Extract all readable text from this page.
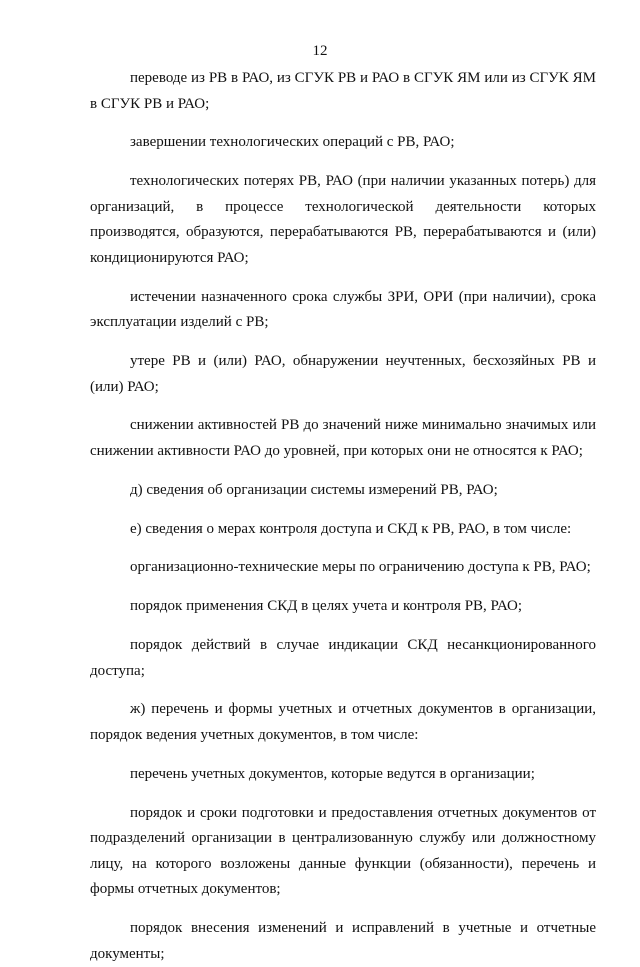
12

переводе из РВ в РАО, из СГУК РВ и РАО в СГУК ЯМ или из СГУК ЯМ в СГУК РВ и РАО;

завершении технологических операций с РВ, РАО;

технологических потерях РВ, РАО (при наличии указанных потерь) для организаций, в процессе технологической деятельности которых производятся, образуются, перерабатываются РВ, перерабатываются и (или) кондиционируются РАО;

истечении назначенного срока службы ЗРИ, ОРИ (при наличии), срока эксплуатации изделий с РВ;

утере РВ и (или) РАО, обнаружении неучтенных, бесхозяйных РВ и (или) РАО;

снижении активностей РВ до значений ниже минимально значимых или снижении активности РАО до уровней, при которых они не относятся к РАО;

д) сведения об организации системы измерений РВ, РАО;

е) сведения о мерах контроля доступа и СКД к РВ, РАО, в том числе:

организационно-технические меры по ограничению доступа к РВ, РАО;

порядок применения СКД в целях учета и контроля РВ, РАО;

порядок действий в случае индикации СКД несанкционированного доступа;

ж) перечень и формы учетных и отчетных документов в организации, порядок ведения учетных документов, в том числе:

перечень учетных документов, которые ведутся в организации;

порядок и сроки подготовки и предоставления отчетных документов от подразделений организации в централизованную службу или должностному лицу, на которого возложены данные функции (обязанности), перечень и формы отчетных документов;

порядок внесения изменений и исправлений в учетные и отчетные документы;
